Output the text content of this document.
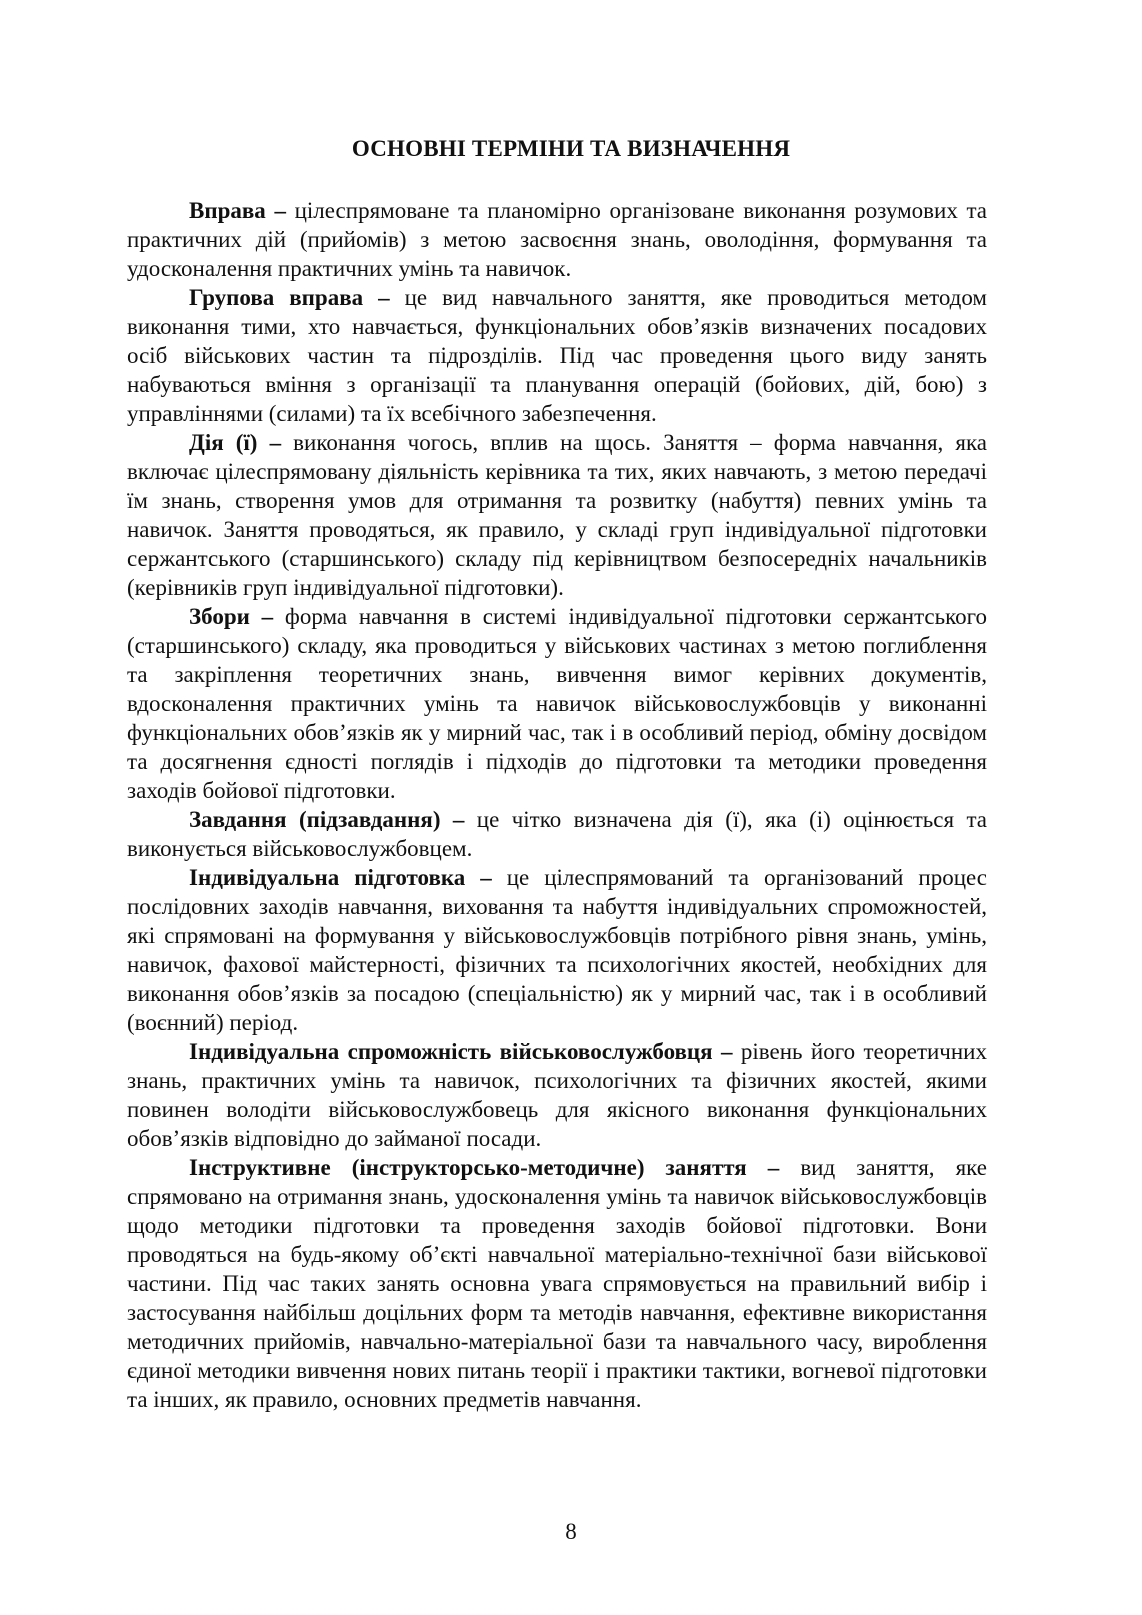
ОСНОВНІ ТЕРМІНИ ТА ВИЗНАЧЕННЯ

Вправа – цілеспрямоване та планомірно організоване виконання розумових та практичних дій (прийомів) з метою засвоєння знань, оволодіння, формування та удосконалення практичних умінь та навичок.

Групова вправа – це вид навчального заняття, яке проводиться методом виконання тими, хто навчається, функціональних обов’язків визначених посадових осіб військових частин та підрозділів. Під час проведення цього виду занять набуваються вміння з організації та планування операцій (бойових, дій, бою) з управліннями (силами) та їх всебічного забезпечення.

Дія (ї) – виконання чогось, вплив на щось. Заняття – форма навчання, яка включає цілеспрямовану діяльність керівника та тих, яких навчають, з метою передачі їм знань, створення умов для отримання та розвитку (набуття) певних умінь та навичок. Заняття проводяться, як правило, у складі груп індивідуальної підготовки сержантського (старшинського) складу під керівництвом безпосередніх начальників (керівників груп індивідуальної підготовки).

Збори – форма навчання в системі індивідуальної підготовки сержантського (старшинського) складу, яка проводиться у військових частинах з метою поглиблення та закріплення теоретичних знань, вивчення вимог керівних документів, вдосконалення практичних умінь та навичок військовослужбовців у виконанні функціональних обов’язків як у мирний час, так і в особливий період, обміну досвідом та досягнення єдності поглядів і підходів до підготовки та методики проведення заходів бойової підготовки.

Завдання (підзавдання) – це чітко визначена дія (ї), яка (і) оцінюється та виконується військовослужбовцем.

Індивідуальна підготовка – це цілеспрямований та організований процес послідовних заходів навчання, виховання та набуття індивідуальних спроможностей, які спрямовані на формування у військовослужбовців потрібного рівня знань, умінь, навичок, фахової майстерності, фізичних та психологічних якостей, необхідних для виконання обов’язків за посадою (спеціальністю) як у мирний час, так і в особливий (воєнний) період.

Індивідуальна спроможність військовослужбовця – рівень його теоретичних знань, практичних умінь та навичок, психологічних та фізичних якостей, якими повинен володіти військовослужбовець для якісного виконання функціональних обов’язків відповідно до займаної посади.

Інструктивне (інструкторсько-методичне) заняття – вид заняття, яке спрямовано на отримання знань, удосконалення умінь та навичок військовослужбовців щодо методики підготовки та проведення заходів бойової підготовки. Вони проводяться на будь-якому об’єкті навчальної матеріально-технічної бази військової частини. Під час таких занять основна увага спрямовується на правильний вибір і застосування найбільш доцільних форм та методів навчання, ефективне використання методичних прийомів, навчально-матеріальної бази та навчального часу, вироблення єдиної методики вивчення нових питань теорії і практики тактики, вогневої підготовки та інших, як правило, основних предметів навчання.

8
